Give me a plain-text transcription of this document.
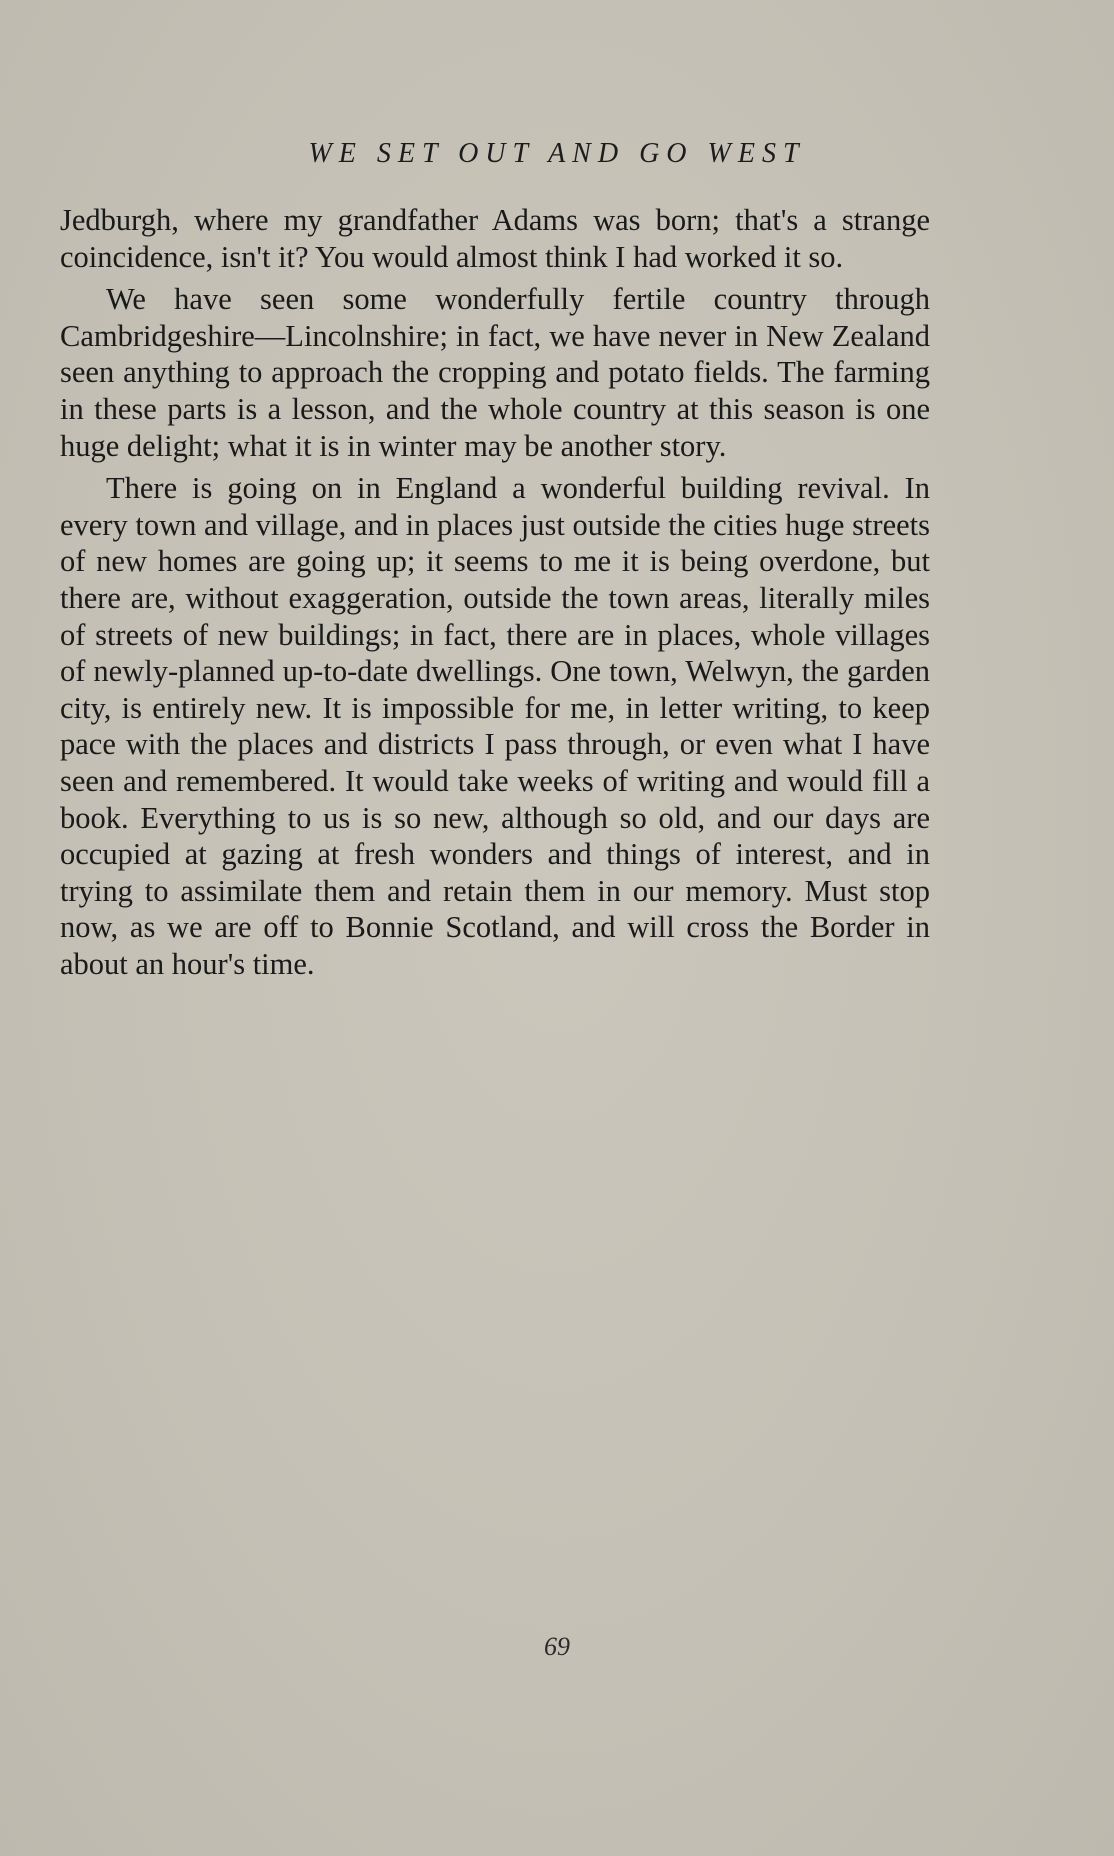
WE SET OUT AND GO WEST

Jedburgh, where my grandfather Adams was born; that's a strange coincidence, isn't it? You would almost think I had worked it so.

We have seen some wonderfully fertile country through Cambridgeshire—Lincolnshire; in fact, we have never in New Zealand seen anything to approach the cropping and potato fields. The farming in these parts is a lesson, and the whole country at this season is one huge delight; what it is in winter may be another story.

There is going on in England a wonderful building revival. In every town and village, and in places just outside the cities huge streets of new homes are going up; it seems to me it is being overdone, but there are, without exaggeration, outside the town areas, literally miles of streets of new buildings; in fact, there are in places, whole villages of newly-planned up-to-date dwellings. One town, Welwyn, the garden city, is entirely new. It is impossible for me, in letter writing, to keep pace with the places and districts I pass through, or even what I have seen and remembered. It would take weeks of writing and would fill a book. Everything to us is so new, although so old, and our days are occupied at gazing at fresh wonders and things of interest, and in trying to assimilate them and retain them in our memory. Must stop now, as we are off to Bonnie Scotland, and will cross the Border in about an hour's time.

69
